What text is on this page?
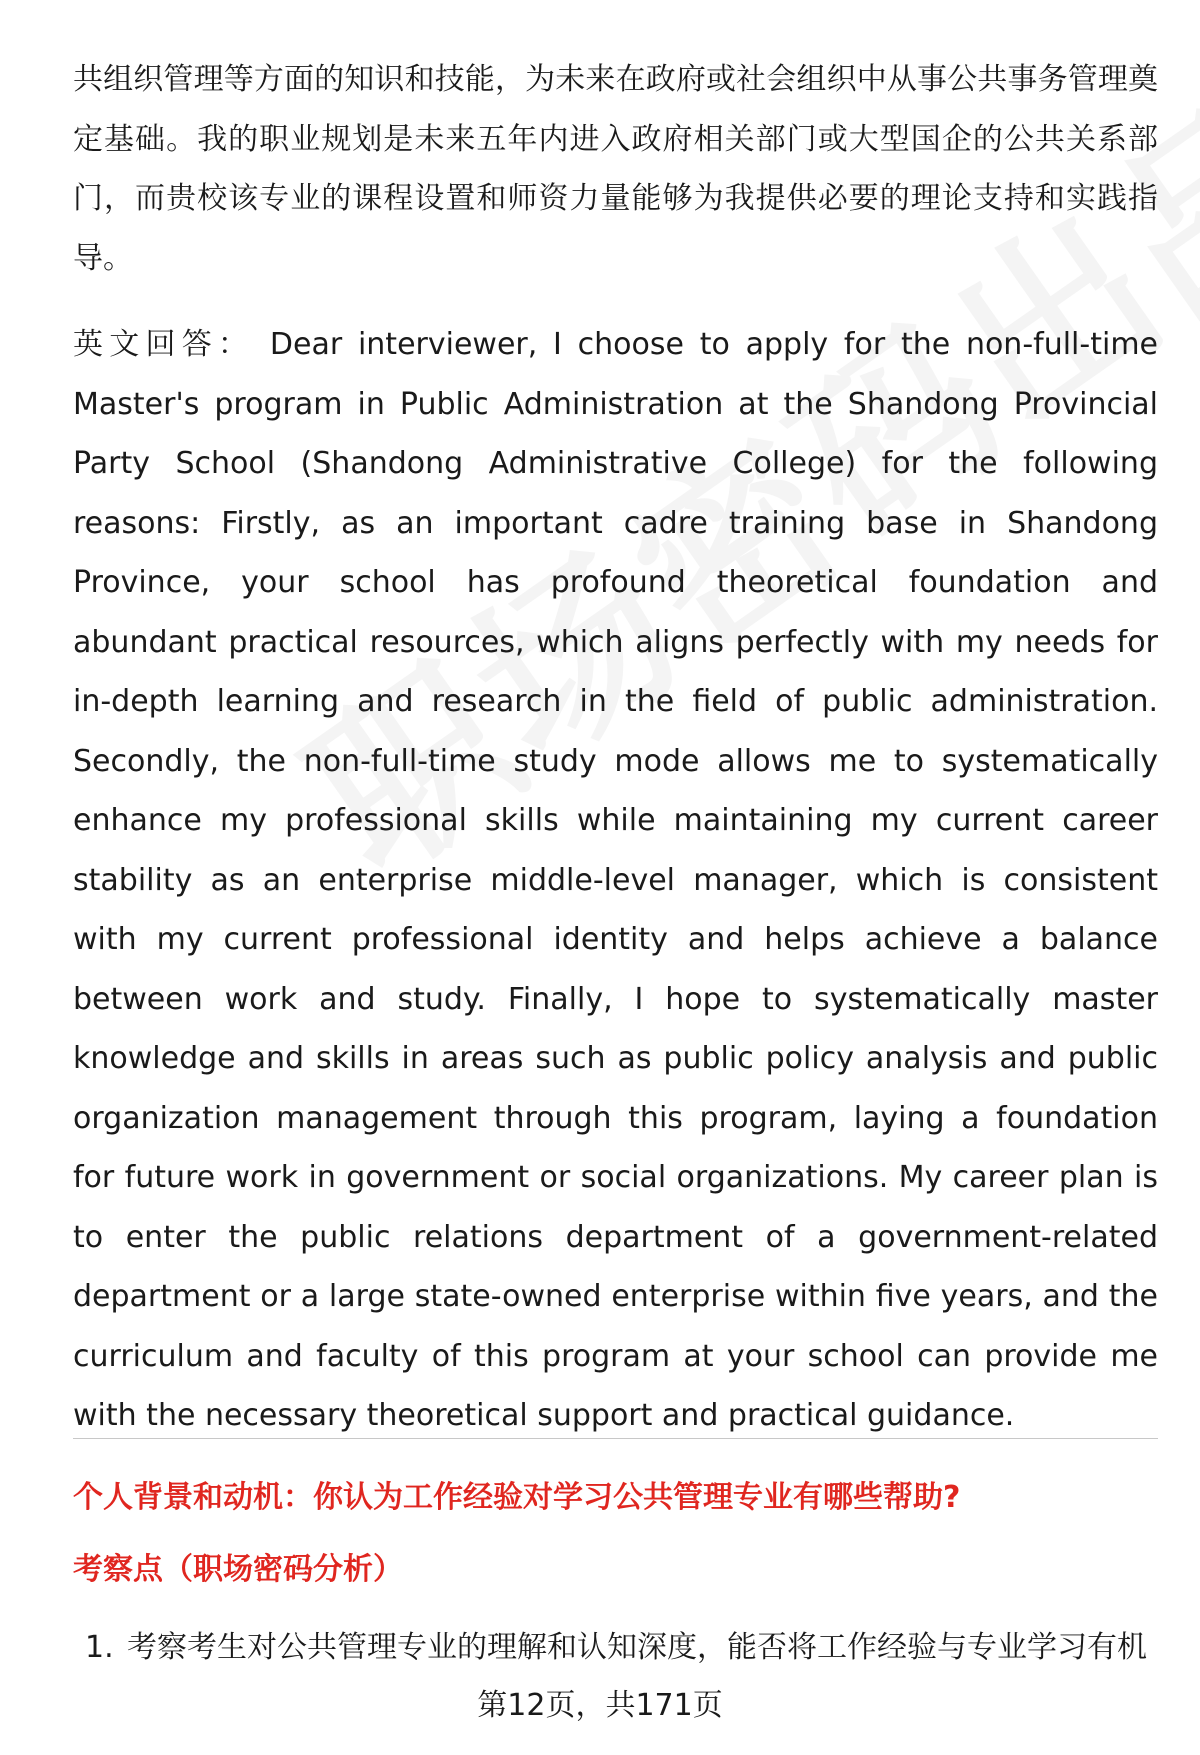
共组织管理等方面的知识和技能，为未来在政府或社会组织中从事公共事务管理奠定基础。我的职业规划是未来五年内进入政府相关部门或大型国企的公共关系部门，而贵校该专业的课程设置和师资力量能够为我提供必要的理论支持和实践指导。

英文回答： Dear interviewer, I choose to apply for the non-full-time Master's program in Public Administration at the Shandong Provincial Party School (Shandong Administrative College) for the following reasons: Firstly, as an important cadre training base in Shandong Province, your school has profound theoretical foundation and abundant practical resources, which aligns perfectly with my needs for in-depth learning and research in the field of public administration. Secondly, the non-full-time study mode allows me to systematically enhance my professional skills while maintaining my current career stability as an enterprise middle-level manager, which is consistent with my current professional identity and helps achieve a balance between work and study. Finally, I hope to systematically master knowledge and skills in areas such as public policy analysis and public organization management through this program, laying a foundation for future work in government or social organizations. My career plan is to enter the public relations department of a government-related department or a large state-owned enterprise within five years, and the curriculum and faculty of this program at your school can provide me with the necessary theoretical support and practical guidance.

个人背景和动机：你认为工作经验对学习公共管理专业有哪些帮助?
考察点（职场密码分析）
1. 考察考生对公共管理专业的理解和认知深度，能否将工作经验与专业学习有机
第12页，共171页
